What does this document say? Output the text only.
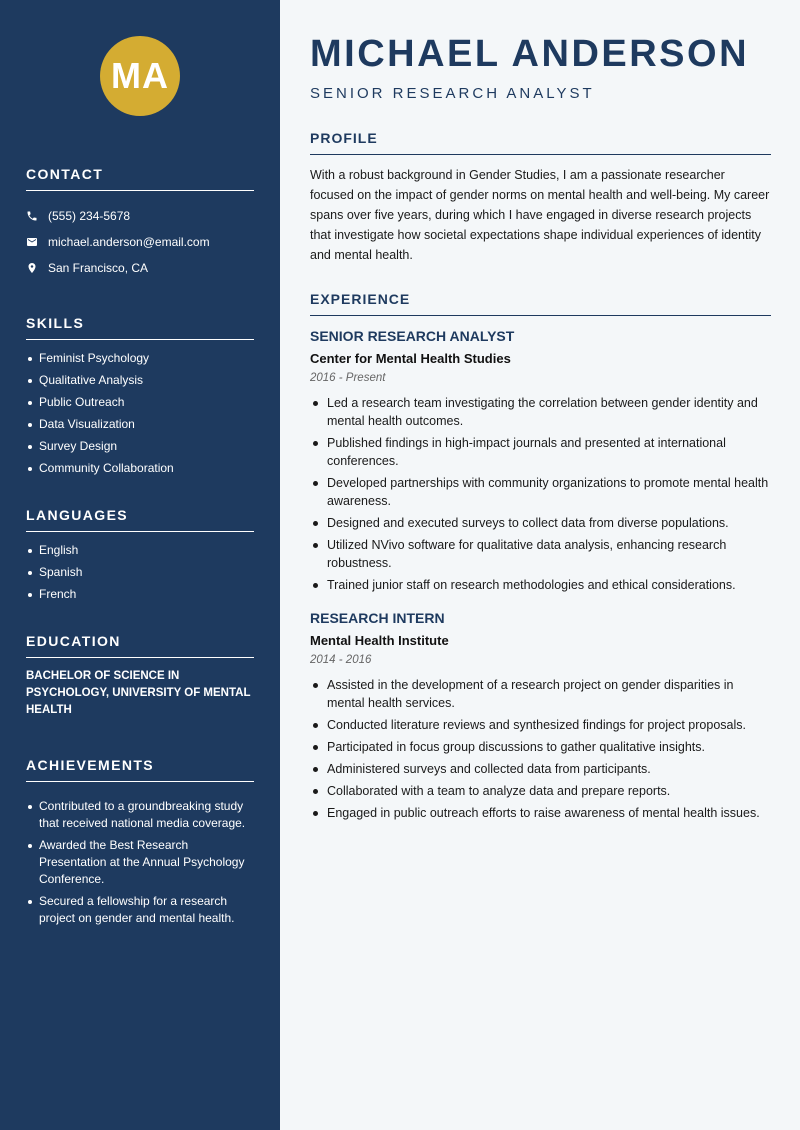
MA
CONTACT
(555) 234-5678
michael.anderson@email.com
San Francisco, CA
SKILLS
Feminist Psychology
Qualitative Analysis
Public Outreach
Data Visualization
Survey Design
Community Collaboration
LANGUAGES
English
Spanish
French
EDUCATION

BACHELOR OF SCIENCE IN PSYCHOLOGY, UNIVERSITY OF MENTAL HEALTH

ACHIEVEMENTS
Contributed to a groundbreaking study that received national media coverage.
Awarded the Best Research Presentation at the Annual Psychology Conference.
Secured a fellowship for a research project on gender and mental health.
MICHAEL ANDERSON
SENIOR RESEARCH ANALYST
PROFILE

With a robust background in Gender Studies, I am a passionate researcher focused on the impact of gender norms on mental health and well-being. My career spans over five years, during which I have engaged in diverse research projects that investigate how societal expectations shape individual experiences of identity and mental health.

EXPERIENCE
SENIOR RESEARCH ANALYST
Center for Mental Health Studies
2016 - Present
Led a research team investigating the correlation between gender identity and mental health outcomes.
Published findings in high-impact journals and presented at international conferences.
Developed partnerships with community organizations to promote mental health awareness.
Designed and executed surveys to collect data from diverse populations.
Utilized NVivo software for qualitative data analysis, enhancing research robustness.
Trained junior staff on research methodologies and ethical considerations.
RESEARCH INTERN
Mental Health Institute
2014 - 2016
Assisted in the development of a research project on gender disparities in mental health services.
Conducted literature reviews and synthesized findings for project proposals.
Participated in focus group discussions to gather qualitative insights.
Administered surveys and collected data from participants.
Collaborated with a team to analyze data and prepare reports.
Engaged in public outreach efforts to raise awareness of mental health issues.
